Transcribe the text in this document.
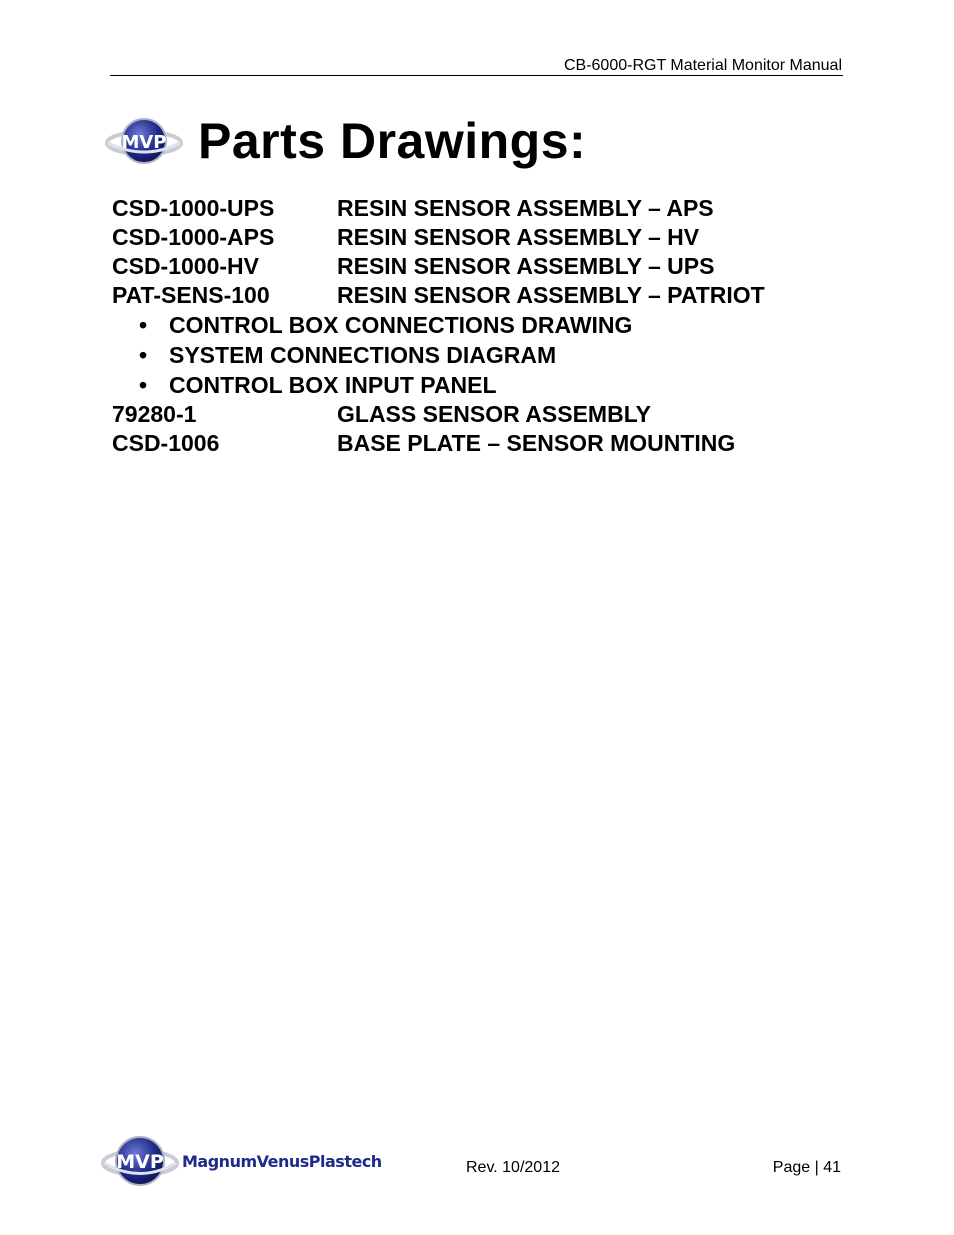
CB-6000-RGT Material Monitor Manual
MVP Parts Drawings:
CSD-1000-UPS	RESIN SENSOR ASSEMBLY – APS
CSD-1000-APS	RESIN SENSOR ASSEMBLY – HV
CSD-1000-HV	RESIN SENSOR ASSEMBLY – UPS
PAT-SENS-100	RESIN SENSOR ASSEMBLY – PATRIOT
• CONTROL BOX CONNECTIONS DRAWING
• SYSTEM CONNECTIONS DIAGRAM
• CONTROL BOX INPUT PANEL
79280-1	GLASS SENSOR ASSEMBLY
CSD-1006	BASE PLATE – SENSOR MOUNTING
MVP MagnumVenusPlastech	Rev. 10/2012	Page | 41
